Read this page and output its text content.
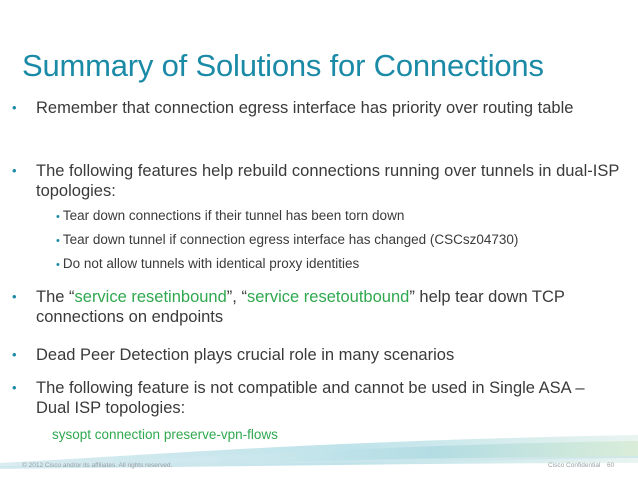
Summary of Solutions for Connections
•	Remember that connection egress interface has priority over routing table
•	The following features help rebuild connections running over tunnels in dual-ISP topologies:
• Tear down connections if their tunnel has been torn down
• Tear down tunnel if connection egress interface has changed (CSCsz04730)
• Do not allow tunnels with identical proxy identities
•	The “service resetinbound”, “service resetoutbound” help tear down TCP connections on endpoints
•	Dead Peer Detection plays crucial role in many scenarios
•	The following feature is not compatible and cannot be used in Single ASA – Dual ISP topologies:
sysopt connection preserve-vpn-flows
© 2012 Cisco and/or its affiliates. All rights reserved.	Cisco Confidential 60
